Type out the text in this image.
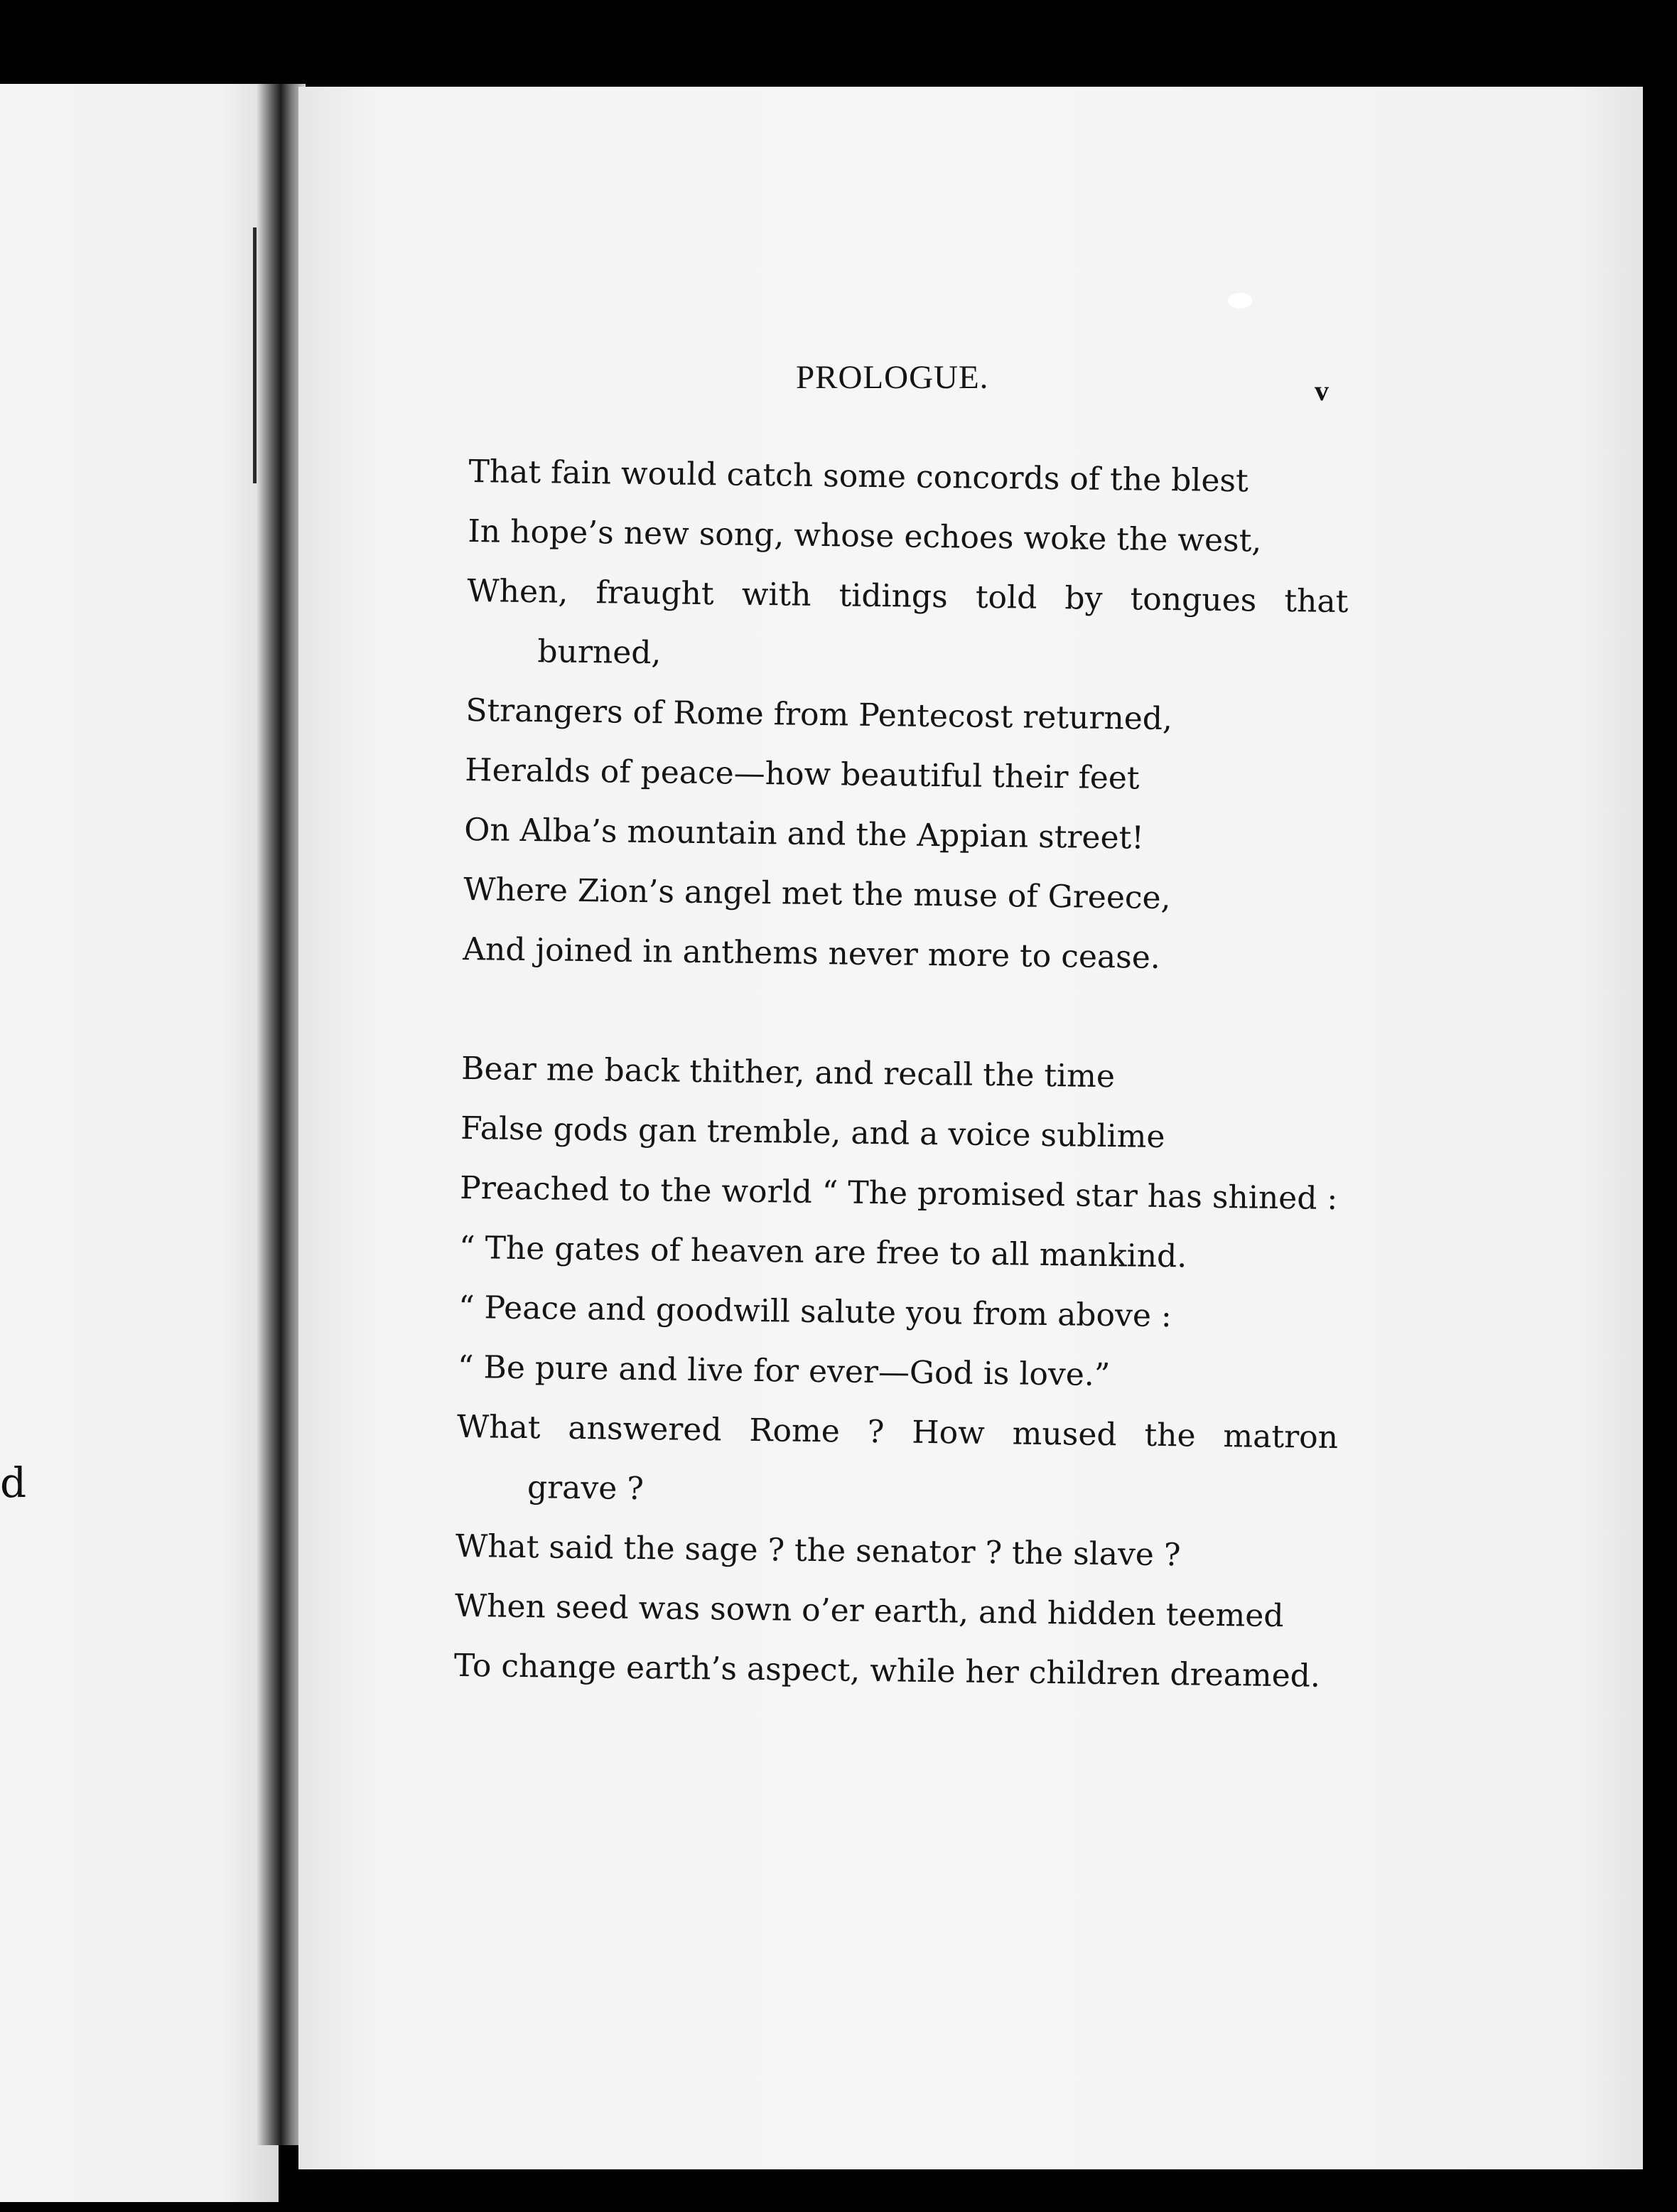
d
PROLOGUE.	v
That fain would catch some concords of the blest
In hope’s new song, whose echoes woke the west,
When, fraught with tidings told by tongues that
burned,
Strangers of Rome from Pentecost returned,
Heralds of peace—how beautiful their feet
On Alba’s mountain and the Appian street!
Where Zion’s angel met the muse of Greece,
And joined in anthems never more to cease.
Bear me back thither, and recall the time
False gods gan tremble, and a voice sublime
Preached to the world “ The promised star has shined :
“ The gates of heaven are free to all mankind.
“ Peace and goodwill salute you from above :
“ Be pure and live for ever—God is love.”
What answered Rome ? How mused the matron
grave ?
What said the sage ? the senator ? the slave ?
When seed was sown o’er earth, and hidden teemed
To change earth’s aspect, while her children dreamed.
